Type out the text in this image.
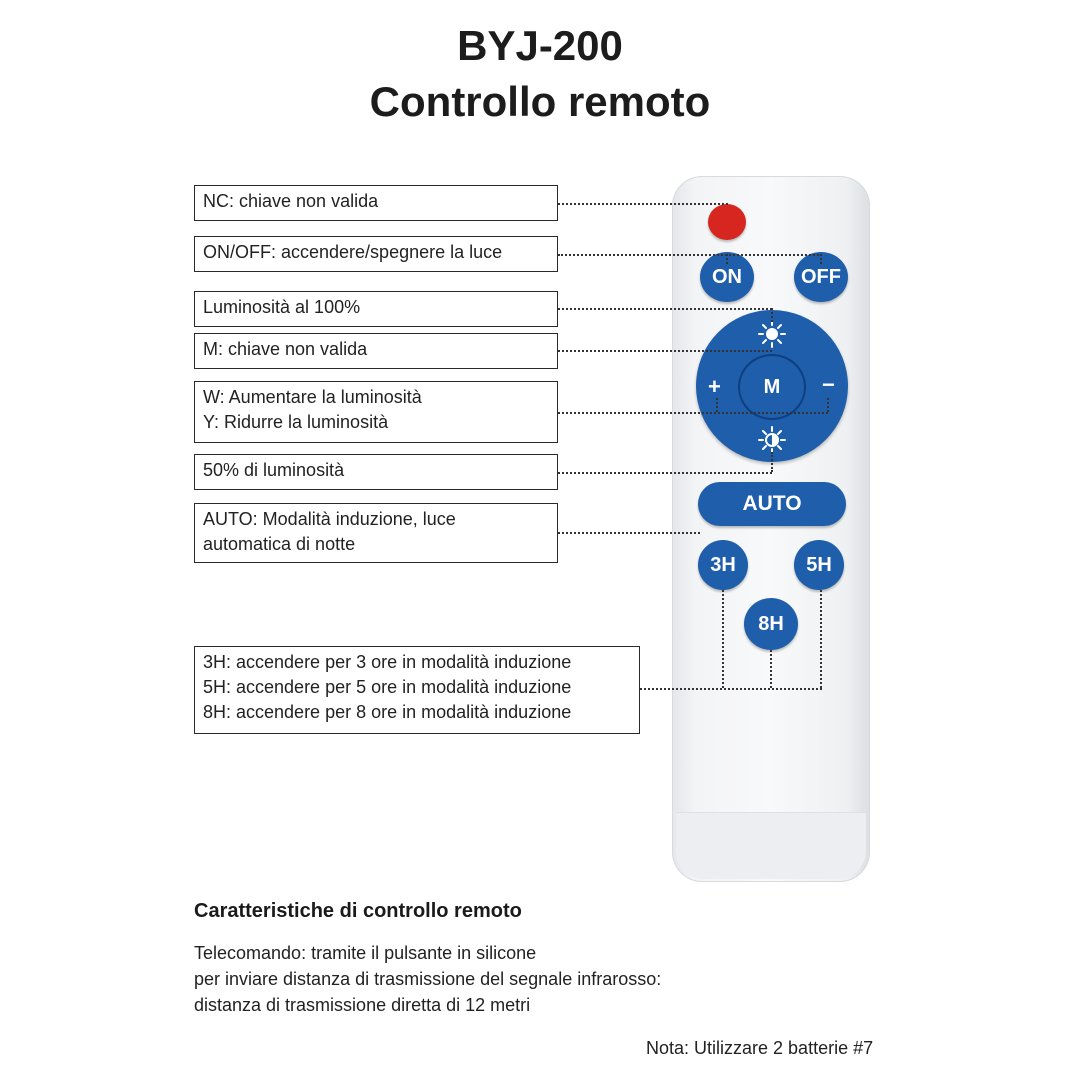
BYJ-200
Controllo remoto
ON	OFF
+	−
M
AUTO
3H	5H
8H
NC: chiave non valida
ON/OFF: accendere/spegnere la luce
Luminosità al 100%
M: chiave non valida
W: Aumentare la luminosità
Y: Ridurre la luminosità
50% di luminosità
AUTO: Modalità induzione, luce
automatica di notte
3H: accendere per 3 ore in modalità induzione
5H: accendere per 5 ore in modalità induzione
8H: accendere per 8 ore in modalità induzione
Caratteristiche di controllo remoto
Telecomando: tramite il pulsante in silicone
per inviare distanza di trasmissione del segnale infrarosso:
distanza di trasmissione diretta di 12 metri
Nota: Utilizzare 2 batterie #7
